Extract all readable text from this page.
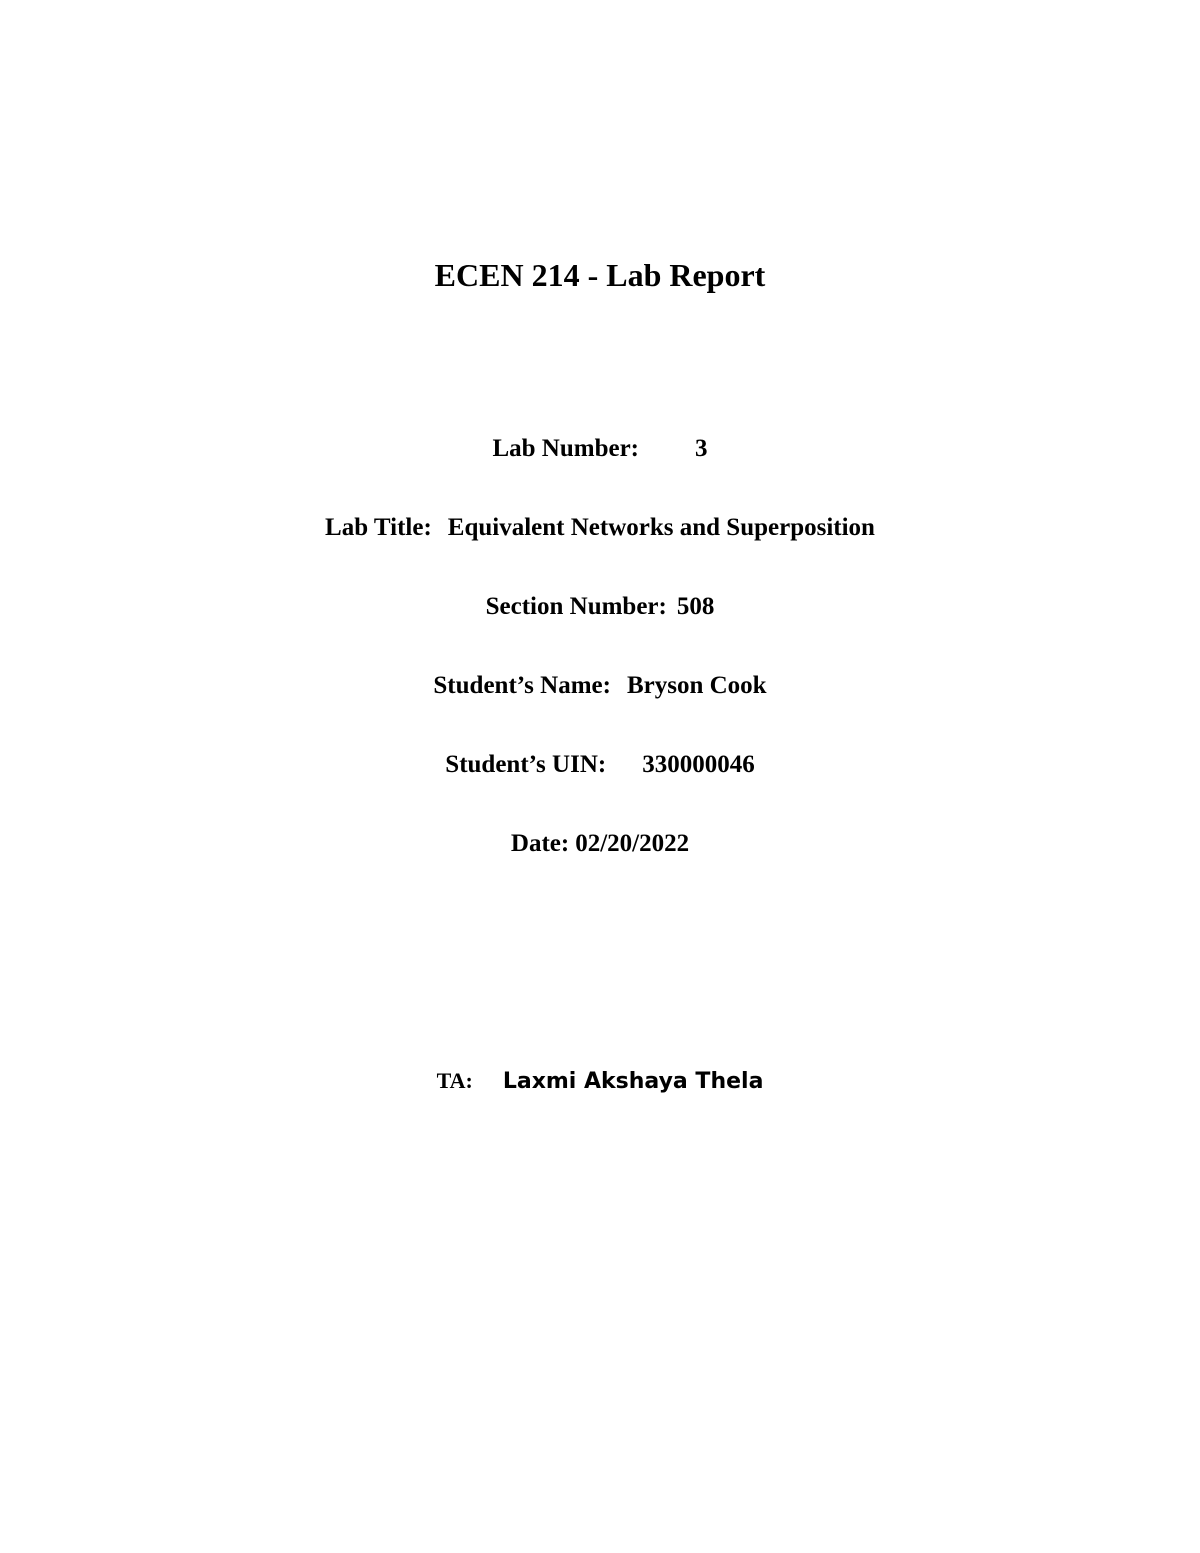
ECEN 214 - Lab Report
Lab Number: 3
Lab Title: Equivalent Networks and Superposition
Section Number: 508
Student’s Name: Bryson Cook
Student’s UIN: 330000046
Date: 02/20/2022
TA: Laxmi Akshaya Thela
